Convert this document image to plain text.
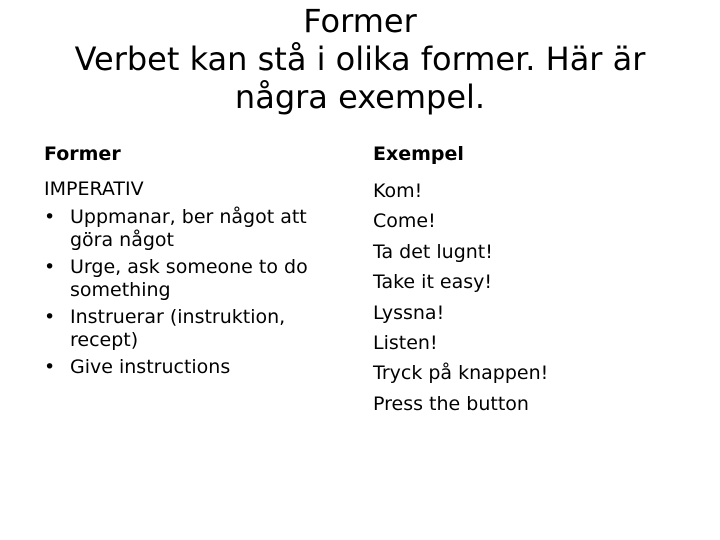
Former
Verbet kan stå i olika former. Här är
några exempel.
Former	Exempel

IMPERATIV

• Uppmanar, ber något att göra något
• Urge, ask someone to do something
• Instruerar (instruktion, recept)
• Give instructions

Kom!

Come!

Ta det lugnt!

Take it easy!

Lyssna!

Listen!

Tryck på knappen!

Press the button
